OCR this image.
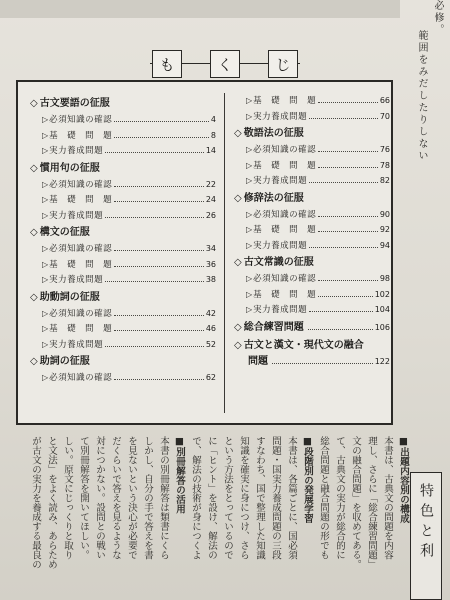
も	く	じ
◇ 古文要語の征服
▷ 必須知識の確認	4
▷ 基　礎　問　題	8
▷ 実力養成問題	14
◇ 慣用句の征服
▷ 必須知識の確認	22
▷ 基　礎　問　題	24
▷ 実力養成問題	26
◇ 構文の征服
▷ 必須知識の確認	34
▷ 基　礎　問　題	36
▷ 実力養成問題	38
◇ 助動詞の征服
▷ 必須知識の確認	42
▷ 基　礎　問　題	46
▷ 実力養成問題	52
◇ 助詞の征服
▷ 必須知識の確認	62
▷ 基　礎　問　題	66
▷ 実力養成問題	70
◇ 敬語法の征服
▷ 必須知識の確認	76
▷ 基　礎　問　題	78
▷ 実力養成問題	82
◇ 修辞法の征服
▷ 必須知識の確認	90
▷ 基　礎　問　題	92
▷ 実力養成問題	94
◇ 古文常識の征服
▷ 必須知識の確認	98
▷ 基　礎　問　題	102
▷ 実力養成問題	104
◇ 総合練習問題	106
◇ 古文と漢文・現代文の融合
問題	122
必修。
範囲をみだしたりしない
特色と利
■出題内容別の構成
本書は、古典文の問題を内容
理し、さらに「総合練習問題」
文の融合問題」を収めてある。
て、古典文の実力が総合的に
総合問題と融合問題の形でも
■段階別の発展学習
本書は、各篇ごとに、国必須
問題・国実力養成問題の三段
すなわち、国で整理した知識
知識を確実に身につけ、さら
という方法をとっているので
に「ヒント」を設け、解法の
で、解法の技術が身につくよ
■別冊解答の活用
本書の別冊解答は類書にくら
しかし、自分の手で答えを書
を見ないという決心が必要で
だくらいで答えを見るような
対につかない。設問との戦い
て別冊解答を開いてほしい。
しい。原文にじっくりと取り
と文法」をよく読み、あらため
が古文の実力を養成する最良の
